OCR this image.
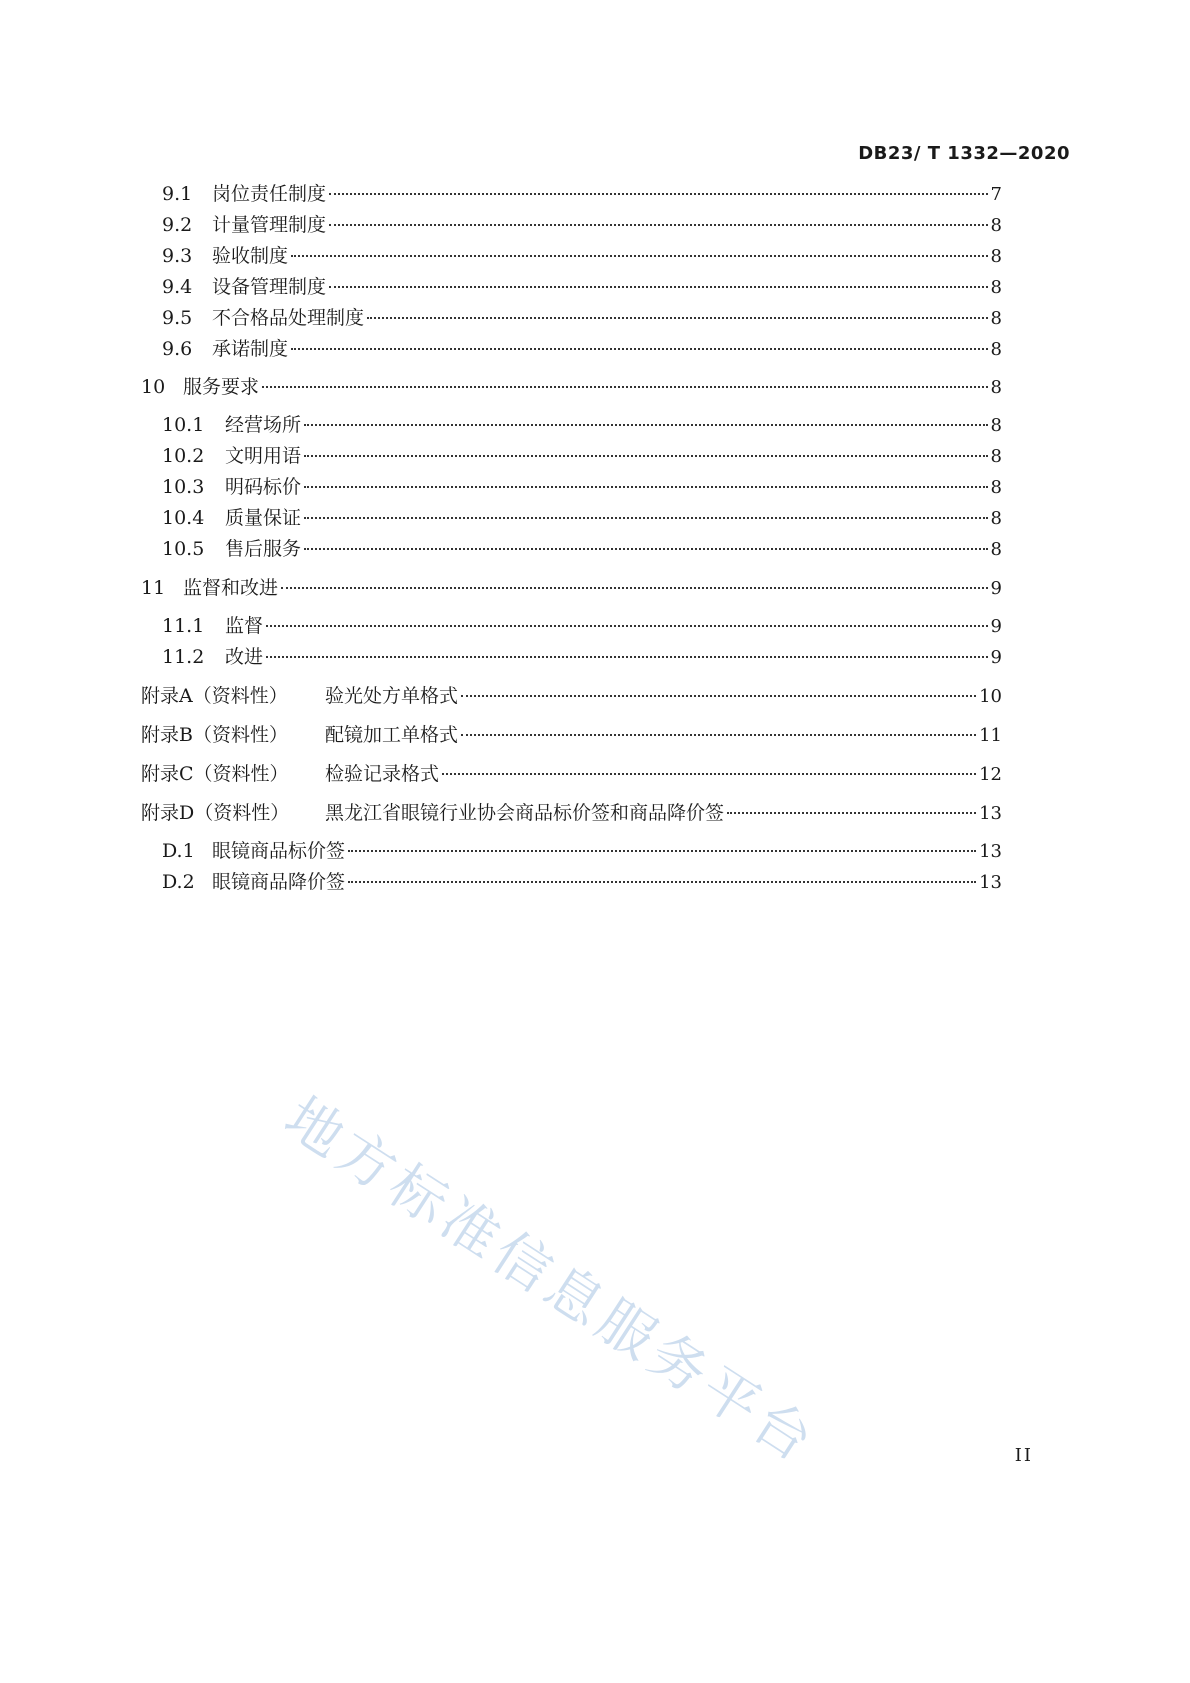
DB23/ T 1332—2020
9.1	岗位责任制度	7
9.2	计量管理制度	8
9.3	验收制度	8
9.4	设备管理制度	8
9.5	不合格品处理制度	8
9.6	承诺制度	8
10 服务要求	8
10.1	经营场所	8
10.2	文明用语	8
10.3	明码标价	8
10.4	质量保证	8
10.5	售后服务	8
11 监督和改进	9
11.1	监督	9
11.2	改进	9
附录A（资料性）	验光处方单格式	10
附录B（资料性）	配镜加工单格式	11
附录C（资料性）	检验记录格式	12
附录D（资料性）	黑龙江省眼镜行业协会商品标价签和商品降价签	13
D.1 眼镜商品标价签	13
D.2 眼镜商品降价签	13
地方标准信息服务平台	II
